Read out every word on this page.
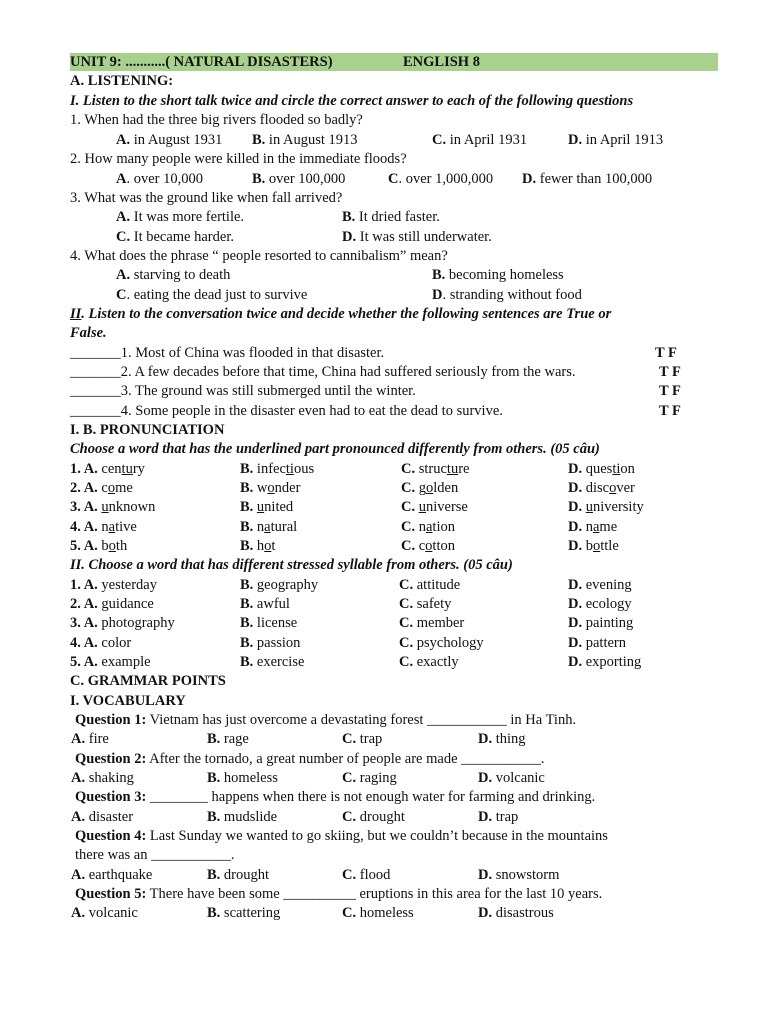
UNIT 9: ...........( NATURAL DISASTERS)	ENGLISH 8
A. LISTENING:
I. Listen to the short talk twice and circle the correct answer to each of the following questions
1. When had the three big rivers flooded so badly?
A. in August 1931 B. in August 1913	C. in April 1931	D. in April 1913
2. How many people were killed in the immediate floods?
A. over 10,000	B. over 100,000	C. over 1,000,000 D. fewer than 100,000
3. What was the ground like when fall arrived?
A. It was more fertile.	B. It dried faster.
C. It became harder.	D. It was still underwater.
4. What does the phrase “ people resorted to cannibalism” mean?
A. starving to death	B. becoming homeless
C. eating the dead just to survive	D. stranding without food
II. Listen to the conversation twice and decide whether the following sentences are True or
False.
_______1. Most of China was flooded in that disaster.	T F
_______2. A few decades before that time, China had suffered seriously from the wars.	T F
_______3. The ground was still submerged until the winter.	T F
_______4. Some people in the disaster even had to eat the dead to survive.	T F
I. B. PRONUNCIATION
Choose a word that has the underlined part pronounced differently from others. (05 câu)
1. A. century	B. infectious	C. structure	D. question
2. A. come	B. wonder	C. golden	D. discover
3. A. unknown	B. united	C. universe	D. university
4. A. native	B. natural	C. nation	D. name
5. A. both	B. hot	C. cotton	D. bottle
II. Choose a word that has different stressed syllable from others. (05 câu)
1. A. yesterday	B. geography	C. attitude	D. evening
2. A. guidance	B. awful	C. safety	D. ecology
3. A. photography	B. license	C. member	D. painting
4. A. color	B. passion	C. psychology	D. pattern
5. A. example	B. exercise	C. exactly	D. exporting
C. GRAMMAR POINTS
I. VOCABULARY
Question 1: Vietnam has just overcome a devastating forest ___________ in Ha Tinh.
A. fire	B. rage	C. trap	D. thing
Question 2: After the tornado, a great number of people are made ___________.
A. shaking	B. homeless	C. raging	D. volcanic
Question 3: ________ happens when there is not enough water for farming and drinking.
A. disaster	B. mudslide	C. drought	D. trap
Question 4: Last Sunday we wanted to go skiing, but we couldn’t because in the mountains
there was an ___________.
A. earthquake	B. drought	C. flood	D. snowstorm
Question 5: There have been some __________ eruptions in this area for the last 10 years.
A. volcanic	B. scattering	C. homeless	D. disastrous
